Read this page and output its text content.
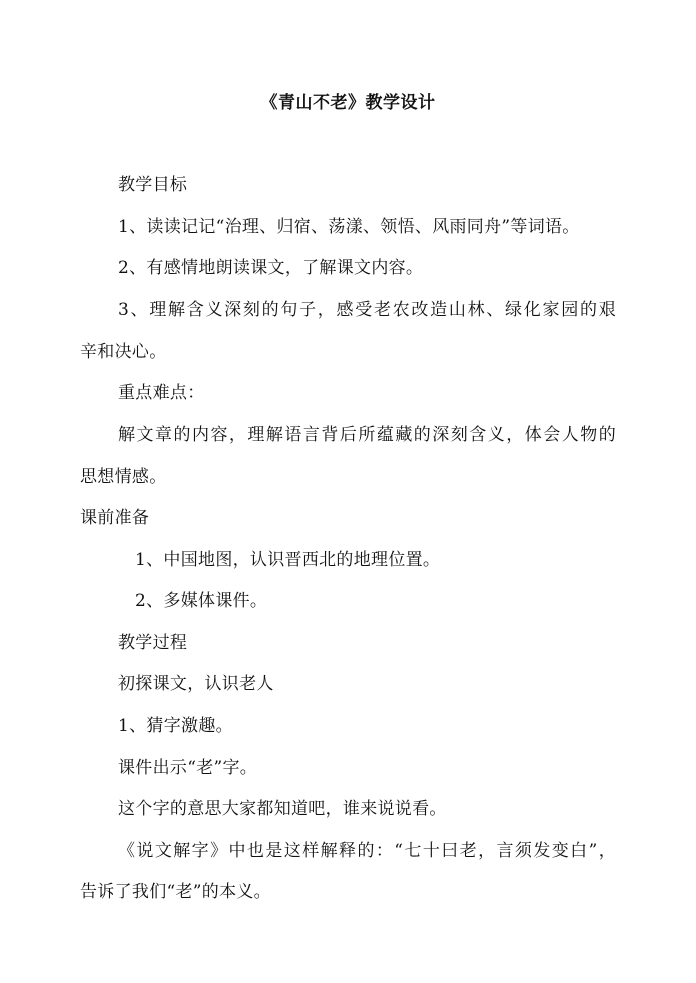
《青山不老》教学设计
教学目标
1、读读记记“治理、归宿、荡漾、领悟、风雨同舟”等词语。
2、有感情地朗读课文，了解课文内容。
3、理解含义深刻的句子，感受老农改造山林、绿化家园的艰
辛和决心。
重点难点：
解文章的内容，理解语言背后所蕴藏的深刻含义，体会人物的
思想情感。
课前准备
1、中国地图，认识晋西北的地理位置。
2、多媒体课件。
教学过程
初探课文，认识老人
1、猜字激趣。
课件出示“老”字。
这个字的意思大家都知道吧，谁来说说看。
《说文解字》中也是这样解释的：“七十曰老，言须发变白”，
告诉了我们“老”的本义。
